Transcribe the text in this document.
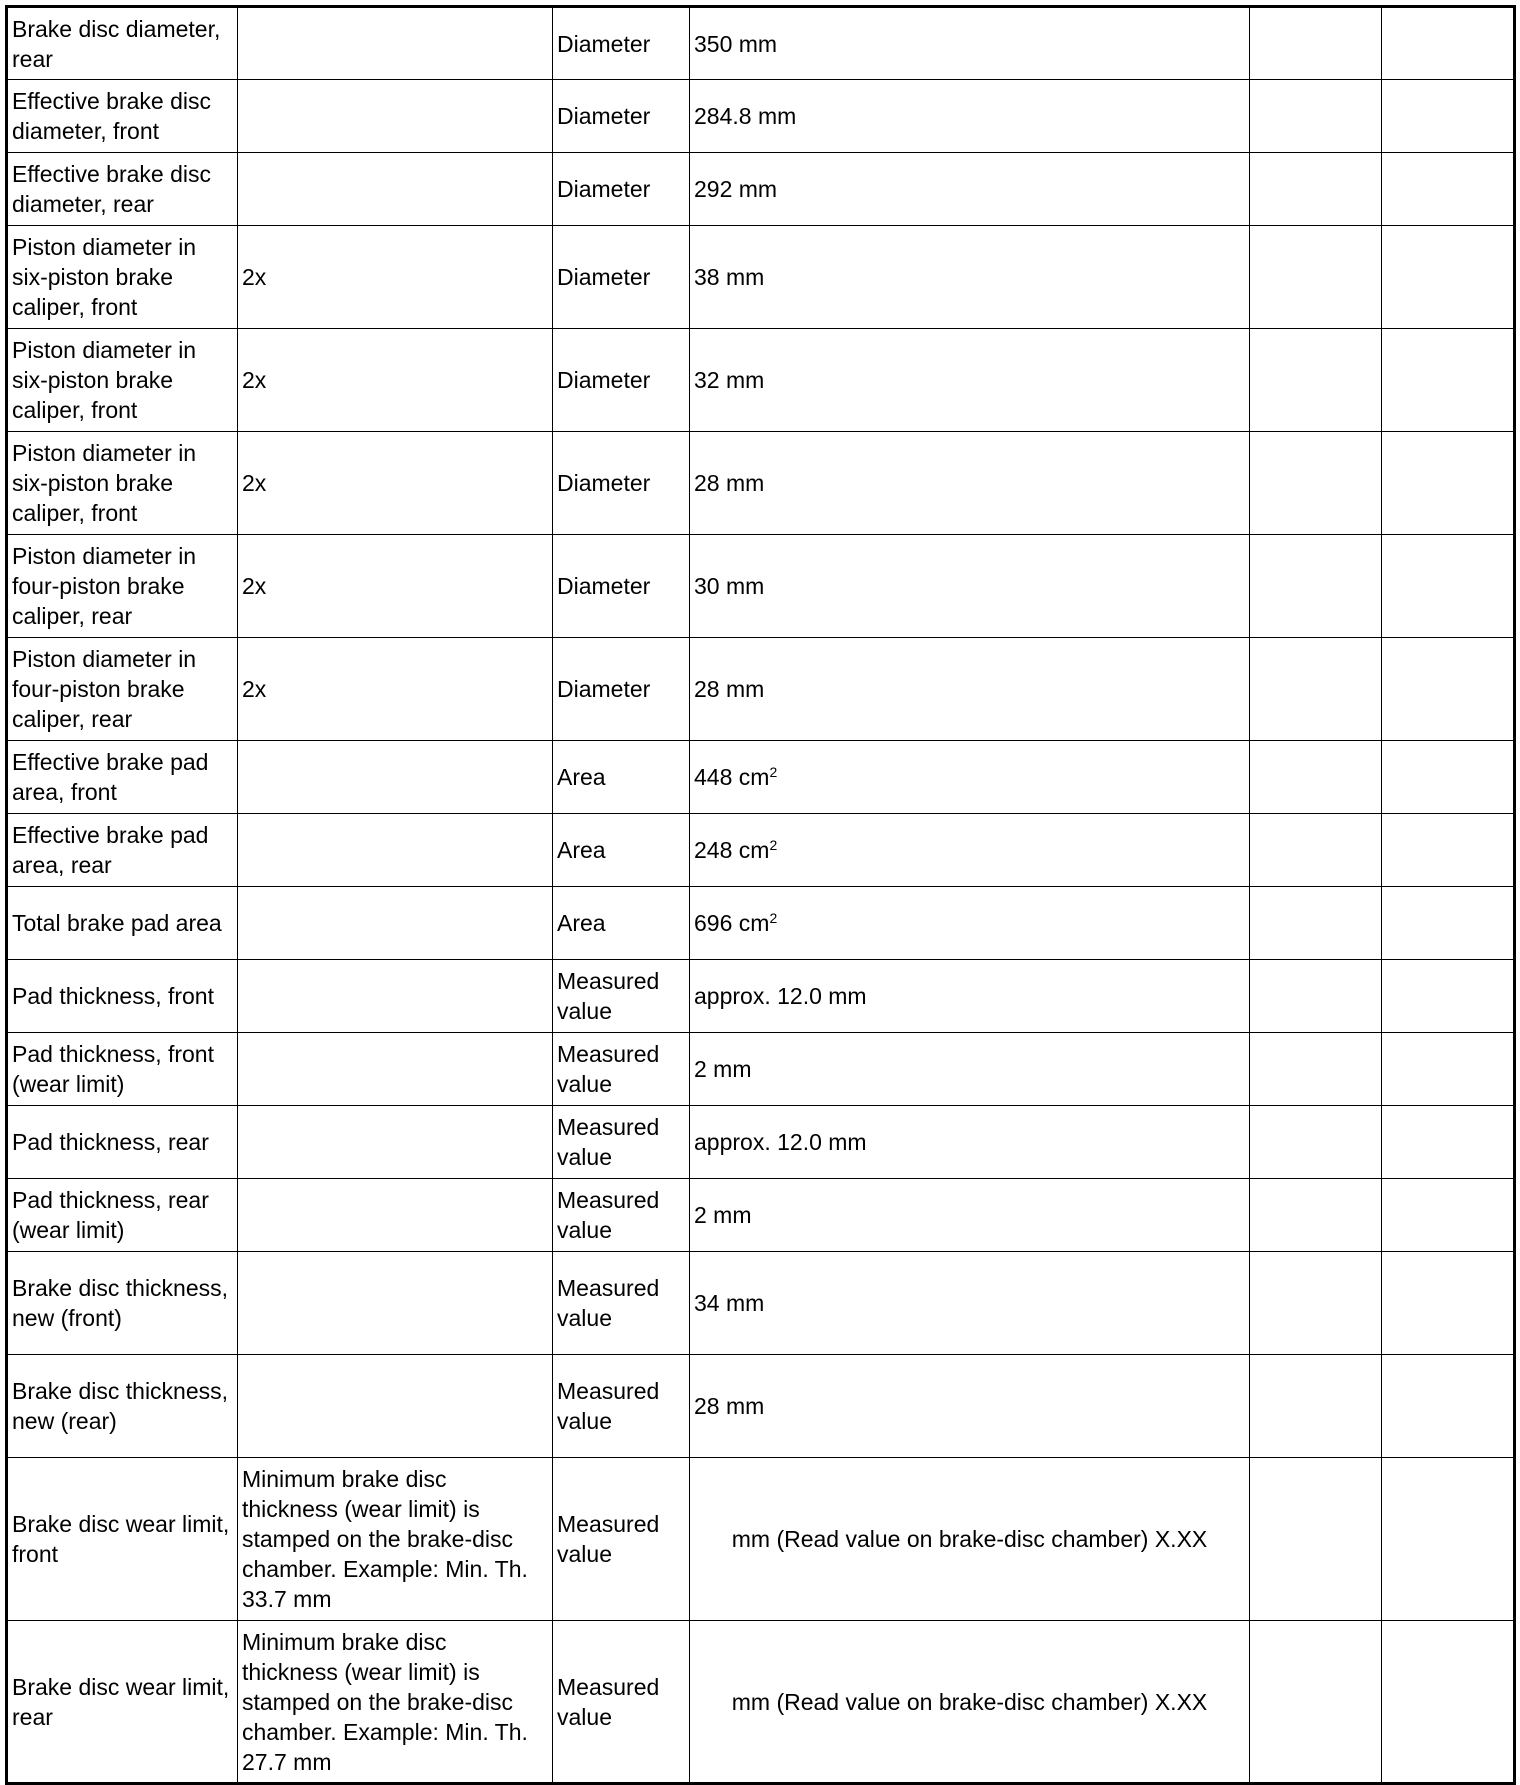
Brake disc diameter, rear		Diameter	350 mm		
Effective brake disc diameter, front		Diameter	284.8 mm		
Effective brake disc diameter, rear		Diameter	292 mm		
Piston diameter in six-piston brake caliper, front	2x	Diameter	38 mm		
Piston diameter in six-piston brake caliper, front	2x	Diameter	32 mm		
Piston diameter in six-piston brake caliper, front	2x	Diameter	28 mm		
Piston diameter in four-piston brake caliper, rear	2x	Diameter	30 mm		
Piston diameter in four-piston brake caliper, rear	2x	Diameter	28 mm		
Effective brake pad area, front		Area	448 $cm^2$		
Effective brake pad area, rear		Area	248 $cm^2$		
Total brake pad area		Area	696 $cm^2$		
Pad thickness, front		Measured value	approx. 12.0 mm		
Pad thickness, front (wear limit)		Measured value	2 mm		
Pad thickness, rear		Measured value	approx. 12.0 mm		
Pad thickness, rear (wear limit)		Measured value	2 mm		
Brake disc thickness, new (front)		Measured value	34 mm		
Brake disc thickness, new (rear)		Measured value	28 mm		
Brake disc wear limit, front	Minimum brake disc thickness (wear limit) is stamped on the brake-disc chamber. Example: Min. Th. 33.7 mm	Measured value	mm (Read value on brake-disc chamber) X.XX		
Brake disc wear limit, rear	Minimum brake disc thickness (wear limit) is stamped on the brake-disc chamber. Example: Min. Th. 27.7 mm	Measured value	mm (Read value on brake-disc chamber) X.XX		
